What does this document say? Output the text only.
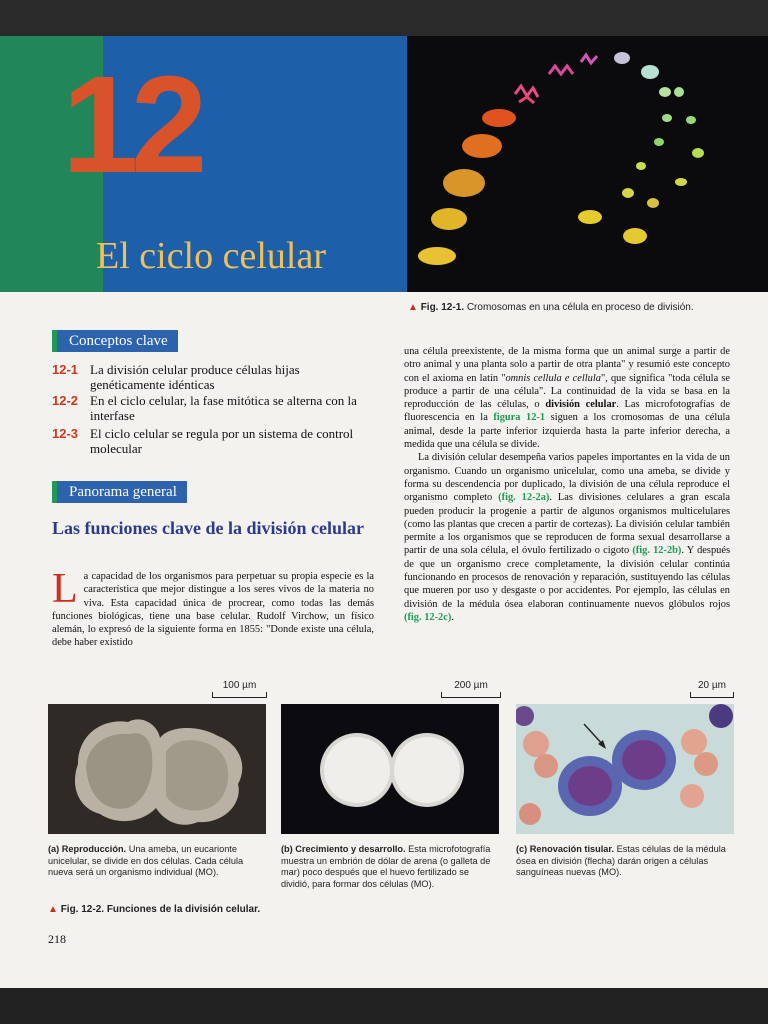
12
El ciclo celular
▲ Fig. 12-1. Cromosomas en una célula en proceso de división.
Conceptos clave
12-1 La división celular produce células hijas genéticamente idénticas
12-2 En el ciclo celular, la fase mitótica se alterna con la interfase
12-3 El ciclo celular se regula por un sistema de control molecular
Panorama general
Las funciones clave de la división celular
La capacidad de los organismos para perpetuar su propia especie es la característica que mejor distingue a los seres vivos de la materia no viva. Esta capacidad única de procrear, como todas las demás funciones biológicas, tiene una base celular. Rudolf Virchow, un físico alemán, lo expresó de la siguiente forma en 1855: "Donde existe una célula, debe haber existido

una célula preexistente, de la misma forma que un animal surge a partir de otro animal y una planta solo a partir de otra planta" y resumió este concepto con el axioma en latín "omnis cellula e cellula", que significa "toda célula se produce a partir de una célula". La continuidad de la vida se basa en la reproducción de las células, o división celular. Las microfotografías de fluorescencia en la figura 12-1 siguen a los cromosomas de una célula animal, desde la parte inferior izquierda hasta la parte inferior derecha, a medida que una célula se divide.

La división celular desempeña varios papeles importantes en la vida de un organismo. Cuando un organismo unicelular, como una ameba, se divide y forma su descendencia por duplicado, la división de una célula reproduce el organismo completo (fig. 12-2a). Las divisiones celulares a gran escala pueden producir la progenie a partir de algunos organismos multicelulares (como las plantas que crecen a partir de cortezas). La división celular también permite a los organismos que se reproducen de forma sexual desarrollarse a partir de una sola célula, el óvulo fertilizado o cigoto (fig. 12-2b). Y después de que un organismo crece completamente, la división celular continúa funcionando en procesos de renovación y reparación, sustituyendo las células que mueren por uso y desgaste o por accidentes. Por ejemplo, las células en división de la médula ósea elaboran continuamente nuevos glóbulos rojos (fig. 12-2c).

100 µm	200 µm	20 µm
(a) Reproducción. Una ameba, un eucarionte unicelular, se divide en dos células. Cada célula nueva será un organismo individual (MO).
(b) Crecimiento y desarrollo. Esta microfotografía muestra un embrión de dólar de arena (o galleta de mar) poco después que el huevo fertilizado se dividió, para formar dos células (MO).
(c) Renovación tisular. Estas células de la médula ósea en división (flecha) darán origen a células sanguíneas nuevas (MO).
▲ Fig. 12-2. Funciones de la división celular.
218
